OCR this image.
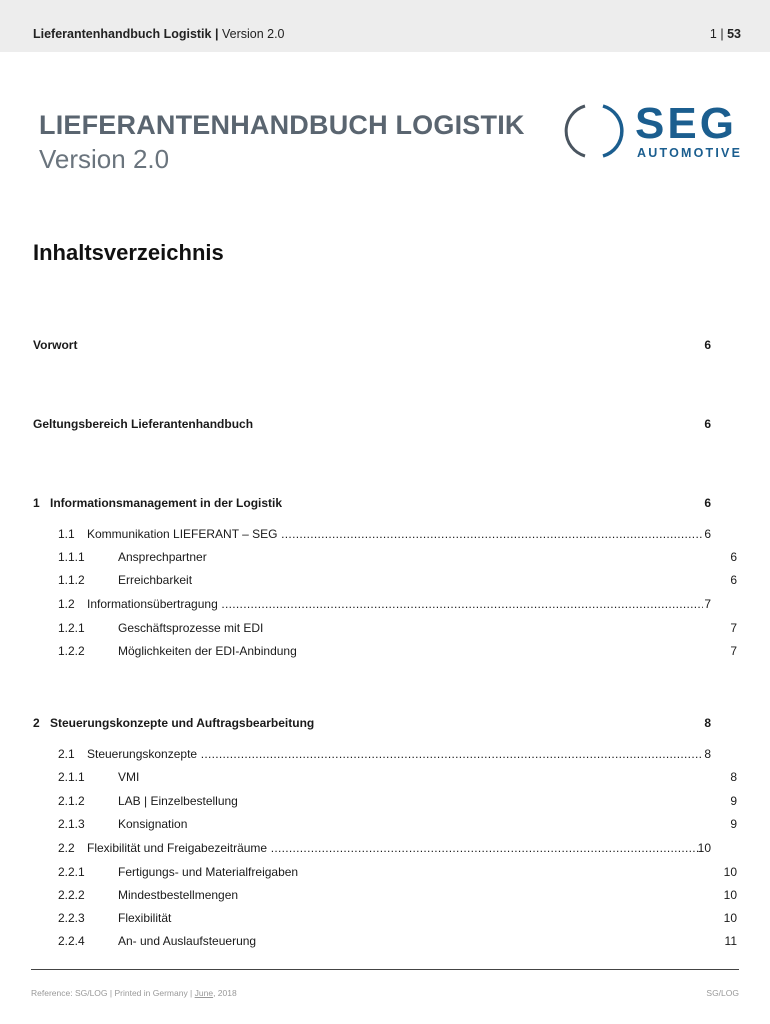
Lieferantenhandbuch Logistik | Version 2.0	1 | 53
LIEFERANTENHANDBUCH LOGISTIK
Version 2.0
SEG
AUTOMOTIVE
Inhaltsverzeichnis
Vorwort	6
Geltungsbereich Lieferantenhandbuch	6
1 Informationsmanagement in der Logistik	6
1.1 Kommunikation LIEFERANT – SEG .....	6
1.1.1	Ansprechpartner	6
1.1.2	Erreichbarkeit	6
1.2 Informationsübertragung .....	7
1.2.1	Geschäftsprozesse mit EDI	7
1.2.2	Möglichkeiten der EDI-Anbindung	7
2 Steuerungskonzepte und Auftragsbearbeitung	8
2.1 Steuerungskonzepte .....	8
2.1.1	VMI	8
2.1.2	LAB | Einzelbestellung	9
2.1.3	Konsignation	9
2.2 Flexibilität und Freigabezeiträume .....	10
2.2.1	Fertigungs- und Materialfreigaben	10
2.2.2	Mindestbestellmengen	10
2.2.3	Flexibilität	10
2.2.4	An- und Auslaufsteuerung	11
Reference: SG/LOG | Printed in Germany | June, 2018	SG/LOG
